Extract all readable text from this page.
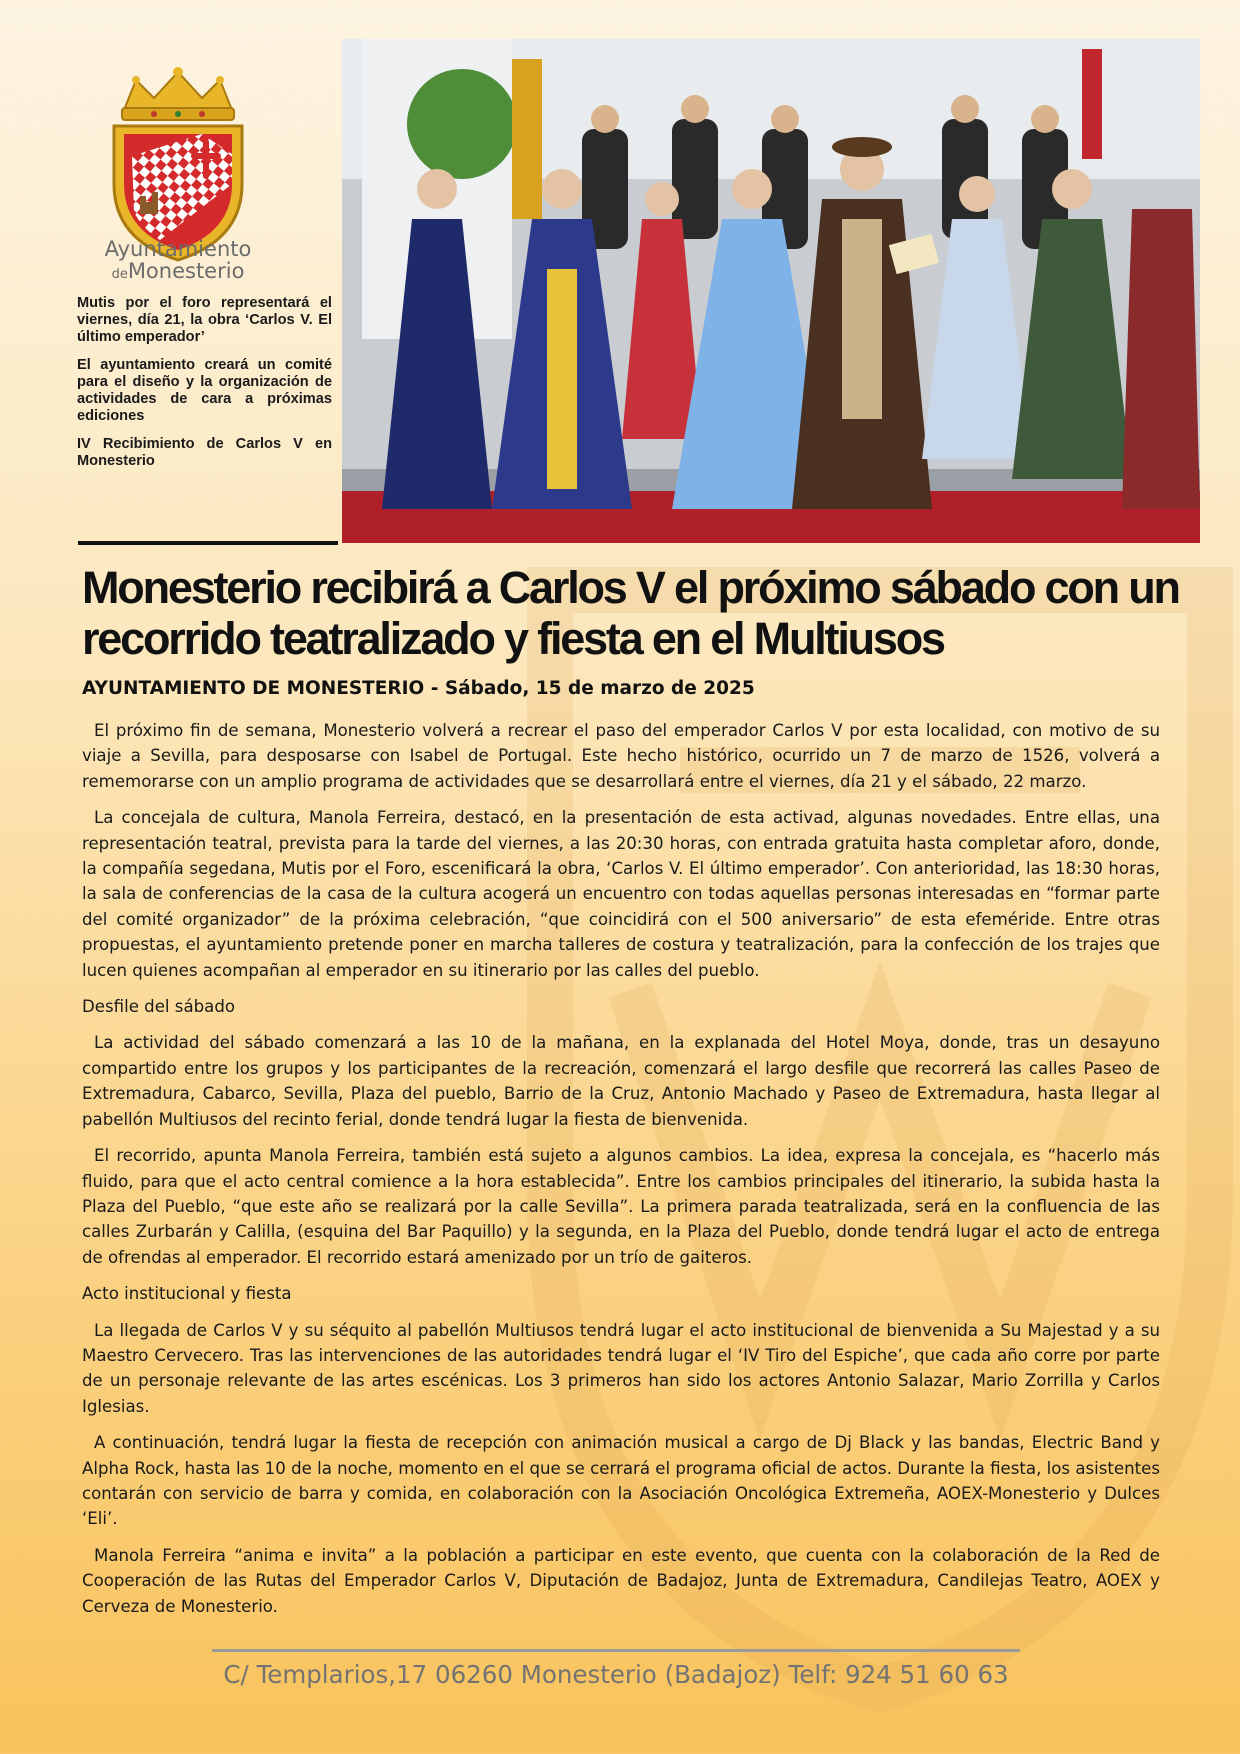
Ayuntamiento
deMonesterio

Mutis por el foro representará el viernes, día 21, la obra ‘Carlos V. El último emperador’

El ayuntamiento creará un comité para el diseño y la organización de actividades de cara a próximas ediciones

IV Recibimiento de Carlos V en Monesterio

Monesterio recibirá a Carlos V el próximo sábado con un recorrido teatralizado y fiesta en el Multiusos
AYUNTAMIENTO DE MONESTERIO - Sábado, 15 de marzo de 2025

El próximo fin de semana, Monesterio volverá a recrear el paso del emperador Carlos V por esta localidad, con motivo de su viaje a Sevilla, para desposarse con Isabel de Portugal. Este hecho histórico, ocurrido un 7 de marzo de 1526, volverá a rememorarse con un amplio programa de actividades que se desarrollará entre el viernes, día 21 y el sábado, 22 marzo.

La concejala de cultura, Manola Ferreira, destacó, en la presentación de esta activad, algunas novedades. Entre ellas, una representación teatral, prevista para la tarde del viernes, a las 20:30 horas, con entrada gratuita hasta completar aforo, donde, la compañía segedana, Mutis por el Foro, escenificará la obra, ‘Carlos V. El último emperador’. Con anterioridad, las 18:30 horas, la sala de conferencias de la casa de la cultura acogerá un encuentro con todas aquellas personas interesadas en “formar parte del comité organizador” de la próxima celebración, “que coincidirá con el 500 aniversario” de esta efeméride. Entre otras propuestas, el ayuntamiento pretende poner en marcha talleres de costura y teatralización, para la confección de los trajes que lucen quienes acompañan al emperador en su itinerario por las calles del pueblo.

Desfile del sábado

La actividad del sábado comenzará a las 10 de la mañana, en la explanada del Hotel Moya, donde, tras un desayuno compartido entre los grupos y los participantes de la recreación, comenzará el largo desfile que recorrerá las calles Paseo de Extremadura, Cabarco, Sevilla, Plaza del pueblo, Barrio de la Cruz, Antonio Machado y Paseo de Extremadura, hasta llegar al pabellón Multiusos del recinto ferial, donde tendrá lugar la fiesta de bienvenida.

El recorrido, apunta Manola Ferreira, también está sujeto a algunos cambios. La idea, expresa la concejala, es “hacerlo más fluido, para que el acto central comience a la hora establecida”. Entre los cambios principales del itinerario, la subida hasta la Plaza del Pueblo, “que este año se realizará por la calle Sevilla”. La primera parada teatralizada, será en la confluencia de las calles Zurbarán y Calilla, (esquina del Bar Paquillo) y la segunda, en la Plaza del Pueblo, donde tendrá lugar el acto de entrega de ofrendas al emperador. El recorrido estará amenizado por un trío de gaiteros.

Acto institucional y fiesta

La llegada de Carlos V y su séquito al pabellón Multiusos tendrá lugar el acto institucional de bienvenida a Su Majestad y a su Maestro Cervecero. Tras las intervenciones de las autoridades tendrá lugar el ‘IV Tiro del Espiche’, que cada año corre por parte de un personaje relevante de las artes escénicas. Los 3 primeros han sido los actores Antonio Salazar, Mario Zorrilla y Carlos Iglesias.

A continuación, tendrá lugar la fiesta de recepción con animación musical a cargo de Dj Black y las bandas, Electric Band y Alpha Rock, hasta las 10 de la noche, momento en el que se cerrará el programa oficial de actos. Durante la fiesta, los asistentes contarán con servicio de barra y comida, en colaboración con la Asociación Oncológica Extremeña, AOEX-Monesterio y Dulces ‘Eli’.

Manola Ferreira “anima e invita” a la población a participar en este evento, que cuenta con la colaboración de la Red de Cooperación de las Rutas del Emperador Carlos V, Diputación de Badajoz, Junta de Extremadura, Candilejas Teatro, AOEX y Cerveza de Monesterio.

C/ Templarios,17 06260 Monesterio (Badajoz) Telf: 924 51 60 63
